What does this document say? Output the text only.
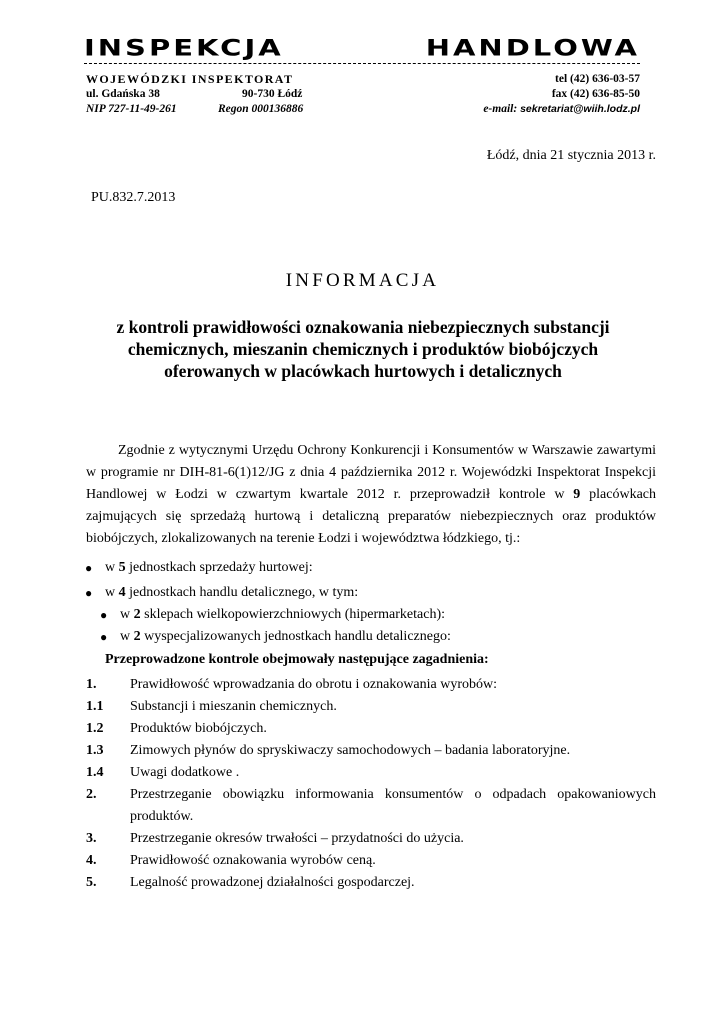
INSPEKCJA	HANDLOWA
WOJEWÓDZKI INSPEKTORAT	tel (42) 636-03-57
ul. Gdańska 38	90-730 Łódź	fax (42) 636-85-50
NIP 727-11-49-261	Regon 000136886	e-mail: sekretariat@wiih.lodz.pl
Łódź, dnia 21 stycznia 2013 r.
PU.832.7.2013
INFORMACJA
z kontroli prawidłowości oznakowania niebezpiecznych substancji chemicznych, mieszanin chemicznych i produktów biobójczych oferowanych w placówkach hurtowych i detalicznych
Zgodnie z wytycznymi Urzędu Ochrony Konkurencji i Konsumentów w Warszawie zawartymi w programie nr DIH-81-6(1)12/JG z dnia 4 października 2012 r. Wojewódzki Inspektorat Inspekcji Handlowej w Łodzi w czwartym kwartale 2012 r. przeprowadził kontrole w 9 placówkach zajmujących się sprzedażą hurtową i detaliczną preparatów niebezpiecznych oraz produktów biobójczych, zlokalizowanych na terenie Łodzi i województwa łódzkiego, tj.:
● w 5 jednostkach sprzedaży hurtowej:
● w 4 jednostkach handlu detalicznego, w tym:
● w 2 sklepach wielkopowierzchniowych (hipermarketach):
● w 2 wyspecjalizowanych jednostkach handlu detalicznego:
Przeprowadzone kontrole obejmowały następujące zagadnienia:
1. Prawidłowość wprowadzania do obrotu i oznakowania wyrobów:
1.1 Substancji i mieszanin chemicznych.
1.2 Produktów biobójczych.
1.3 Zimowych płynów do spryskiwaczy samochodowych – badania laboratoryjne.
1.4 Uwagi dodatkowe .
2. Przestrzeganie obowiązku informowania konsumentów o odpadach opakowaniowych produktów.
3. Przestrzeganie okresów trwałości – przydatności do użycia.
4. Prawidłowość oznakowania wyrobów ceną.
5. Legalność prowadzonej działalności gospodarczej.
